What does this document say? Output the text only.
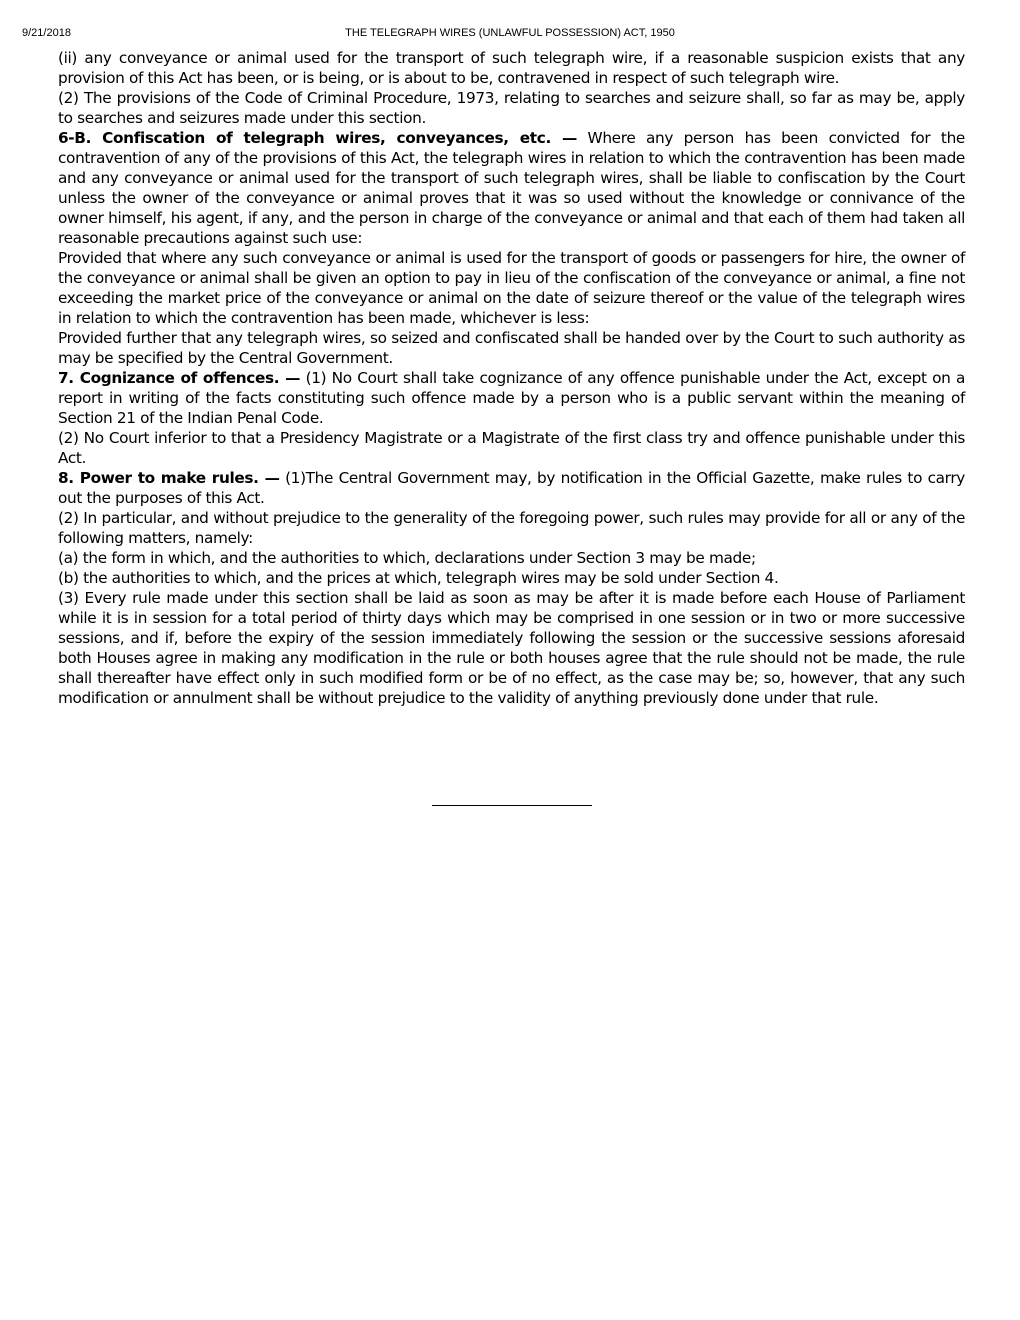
9/21/2018	THE TELEGRAPH WIRES (UNLAWFUL POSSESSION) ACT, 1950

(ii) any conveyance or animal used for the transport of such telegraph wire, if a reasonable suspicion exists that any provision of this Act has been, or is being, or is about to be, contravened in respect of such telegraph wire.

(2) The provisions of the Code of Criminal Procedure, 1973, relating to searches and seizure shall, so far as may be, apply to searches and seizures made under this section.

6-B. Confiscation of telegraph wires, conveyances, etc. — Where any person has been convicted for the contravention of any of the provisions of this Act, the telegraph wires in relation to which the contravention has been made and any conveyance or animal used for the transport of such telegraph wires, shall be liable to confiscation by the Court unless the owner of the conveyance or animal proves that it was so used without the knowledge or connivance of the owner himself, his agent, if any, and the person in charge of the conveyance or animal and that each of them had taken all reasonable precautions against such use:

Provided that where any such conveyance or animal is used for the transport of goods or passengers for hire, the owner of the conveyance or animal shall be given an option to pay in lieu of the confiscation of the conveyance or animal, a fine not exceeding the market price of the conveyance or animal on the date of seizure thereof or the value of the telegraph wires in relation to which the contravention has been made, whichever is less:

Provided further that any telegraph wires, so seized and confiscated shall be handed over by the Court to such authority as may be specified by the Central Government.

7. Cognizance of offences. — (1) No Court shall take cognizance of any offence punishable under the Act, except on a report in writing of the facts constituting such offence made by a person who is a public servant within the meaning of Section 21 of the Indian Penal Code.

(2) No Court inferior to that a Presidency Magistrate or a Magistrate of the first class try and offence punishable under this Act.

8. Power to make rules. — (1)The Central Government may, by notification in the Official Gazette, make rules to carry out the purposes of this Act.

(2) In particular, and without prejudice to the generality of the foregoing power, such rules may provide for all or any of the following matters, namely:

(a) the form in which, and the authorities to which, declarations under Section 3 may be made;

(b) the authorities to which, and the prices at which, telegraph wires may be sold under Section 4.

(3) Every rule made under this section shall be laid as soon as may be after it is made before each House of Parliament while it is in session for a total period of thirty days which may be comprised in one session or in two or more successive sessions, and if, before the expiry of the session immediately following the session or the successive sessions aforesaid both Houses agree in making any modification in the rule or both houses agree that the rule should not be made, the rule shall thereafter have effect only in such modified form or be of no effect, as the case may be; so, however, that any such modification or annulment shall be without prejudice to the validity of anything previously done under that rule.
